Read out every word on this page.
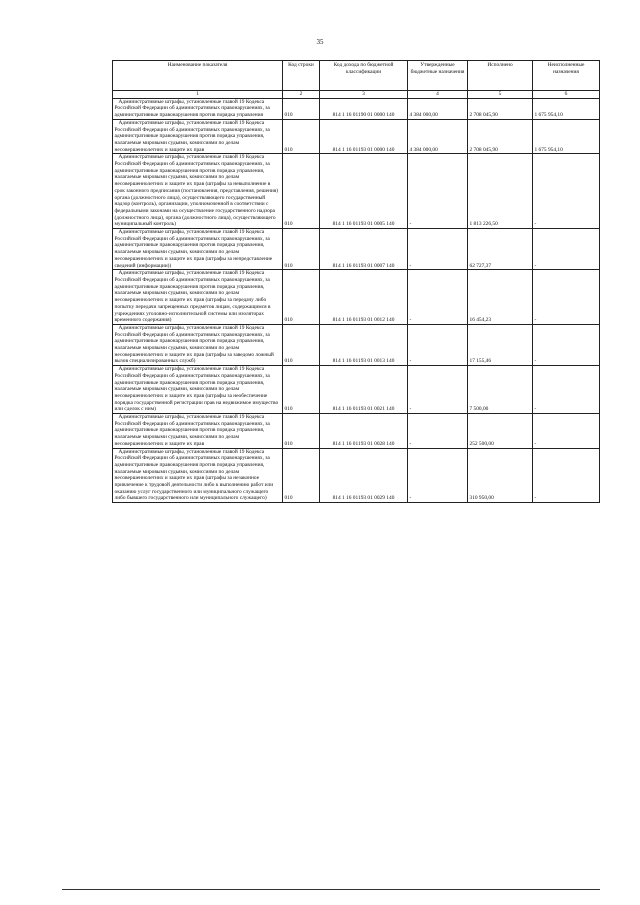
35
Наименование показателя	Код строки	Код дохода по бюджетной классификации	Утвержденные бюджетные назначения	Исполнено	Неисполненные назначения
1	2	3	4	5	6
Административные штрафы, установленные главой 19 Кодекса Российской Федерации об административных правонарушениях, за административные правонарушения против порядка управления	010	814 1 16 01190 01 0000 140	4 384 000,00	2 708 045,90	1 675 954,10
Административные штрафы, установленные главой 19 Кодекса Российской Федерации об административных правонарушениях, за административные правонарушения против порядка управления, налагаемые мировыми судьями, комиссиями по делам несовершеннолетних и защите их прав	010	814 1 16 01193 01 0000 140	4 384 000,00	2 708 045,90	1 675 954,10
Административные штрафы, установленные главой 19 Кодекса Российской Федерации об административных правонарушениях, за административные правонарушения против порядка управления, налагаемые мировыми судьями, комиссиями по делам несовершеннолетних и защите их прав (штрафы за невыполнение в срок законного предписания (постановления, представления, решения) органа (должностного лица), осуществляющего государственный надзор (контроль), организации, уполномоченной в соответствии с федеральными законами на осуществление государственного надзора (должностного лица), органа (должностного лица), осуществляющего муниципальный контроль)	010	814 1 16 01193 01 0005 140	-	1 813 226,50	-
Административные штрафы, установленные главой 19 Кодекса Российской Федерации об административных правонарушениях, за административные правонарушения против порядка управления, налагаемые мировыми судьями, комиссиями по делам несовершеннолетних и защите их прав (штрафы за непредставление сведений (информации))	010	814 1 16 01193 01 0007 140	-	62 727,37	-
Административные штрафы, установленные главой 19 Кодекса Российской Федерации об административных правонарушениях, за административные правонарушения против порядка управления, налагаемые мировыми судьями, комиссиями по делам несовершеннолетних и защите их прав (штрафы за передачу либо попытку передачи запрещенных предметов лицам, содержащимся в учреждениях уголовно-исполнительной системы или изоляторах временного содержания)	010	814 1 16 01193 01 0012 140	-	16 454,23	-
Административные штрафы, установленные главой 19 Кодекса Российской Федерации об административных правонарушениях, за административные правонарушения против порядка управления, налагаемые мировыми судьями, комиссиями по делам несовершеннолетних и защите их прав (штрафы за заведомо ложный вызов специализированных служб)	010	814 1 16 01193 01 0013 140	-	17 155,46	-
Административные штрафы, установленные главой 19 Кодекса Российской Федерации об административных правонарушениях, за административные правонарушения против порядка управления, налагаемые мировыми судьями, комиссиями по делам несовершеннолетних и защите их прав (штрафы за необеспечение порядка государственной регистрации прав на недвижимое имущество или сделок с ним)	010	814 1 16 01193 01 0021 140	-	7 500,00	-
Административные штрафы, установленные главой 19 Кодекса Российской Федерации об административных правонарушениях, за административные правонарушения против порядка управления, налагаемые мировыми судьями, комиссиями по делам несовершеннолетних и защите их прав	010	814 1 16 01193 01 0028 140	-	252 500,00	-
Административные штрафы, установленные главой 19 Кодекса Российской Федерации об административных правонарушениях, за административные правонарушения против порядка управления, налагаемые мировыми судьями, комиссиями по делам несовершеннолетних и защите их прав (штрафы за незаконное привлечение к трудовой деятельности либо к выполнению работ или оказанию услуг государственного или муниципального служащего либо бывшего государственного или муниципального служащего)	010	814 1 16 01193 01 0029 140	-	310 950,00	-
